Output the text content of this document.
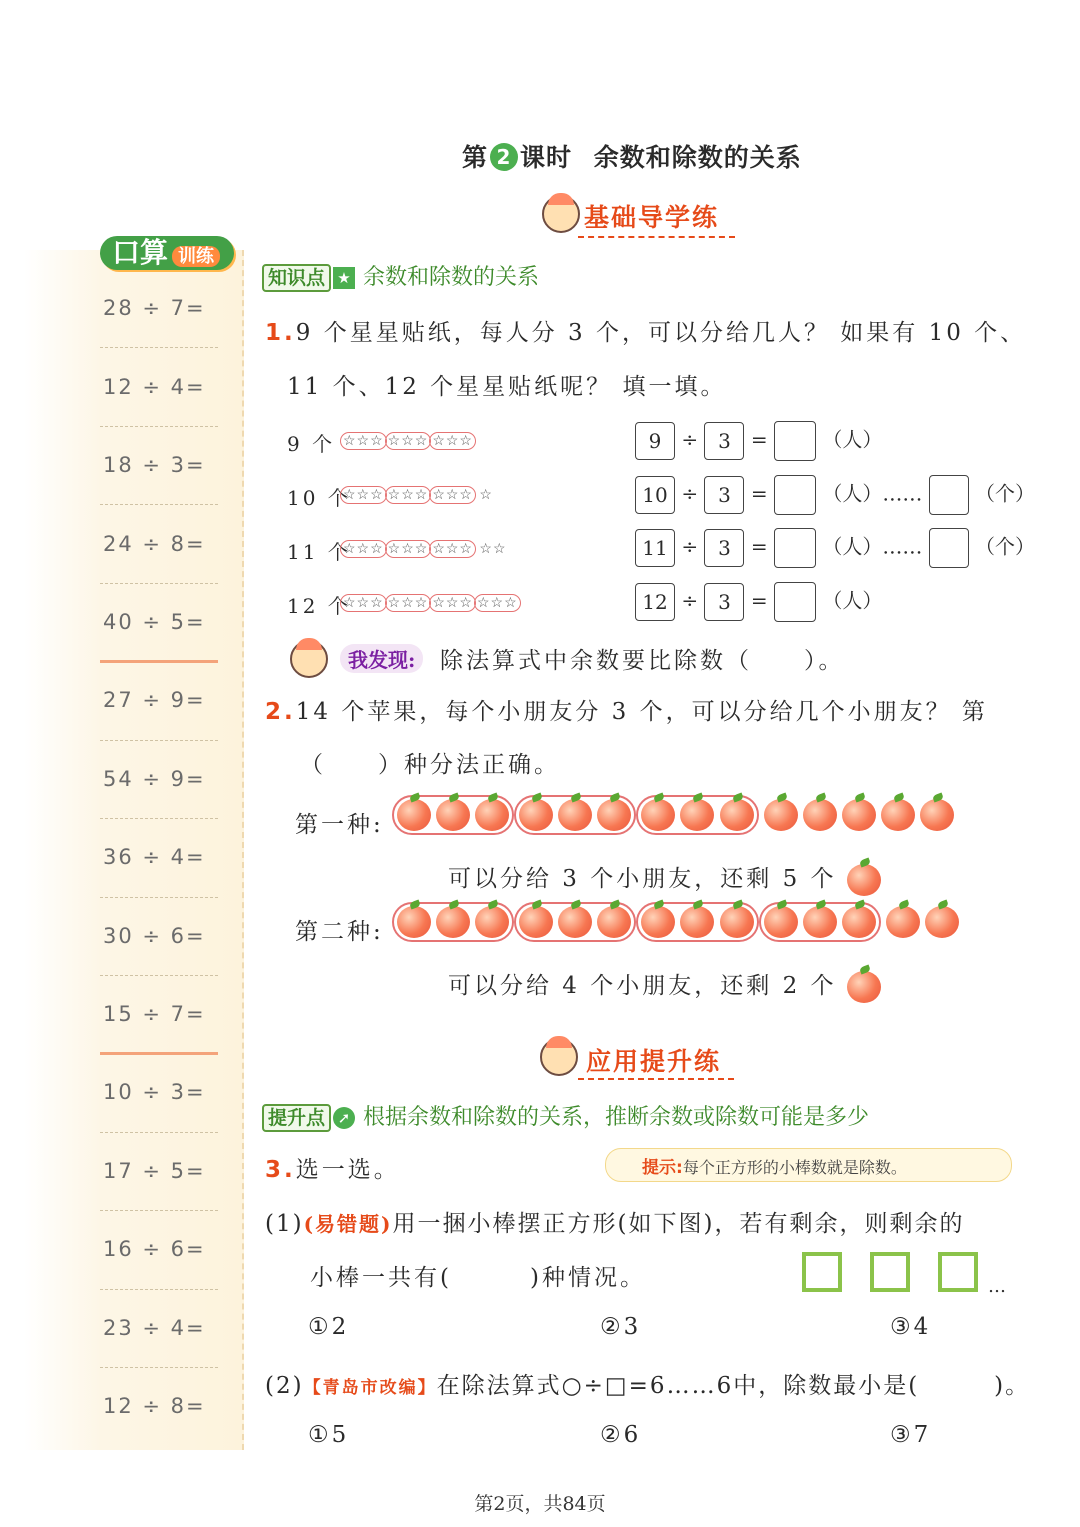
第 2 课时 余数和除数的关系
基础导学练
口算 训练
28 ÷ 7=
12 ÷ 4=
18 ÷ 3=
24 ÷ 8=
40 ÷ 5=
27 ÷ 9=
54 ÷ 9=
36 ÷ 4=
30 ÷ 6=
15 ÷ 7=
10 ÷ 3=
17 ÷ 5=
16 ÷ 6=
23 ÷ 4=
12 ÷ 8=
知识点 ★ 余数和除数的关系
1.9 个星星贴纸，每人分 3 个，可以分给几人？ 如果有 10 个、
11 个、12 个星星贴纸呢？ 填一填。
9 个 ☆☆☆ ☆☆☆ ☆☆☆
10 个
☆☆☆ ☆☆☆ ☆☆☆ ☆
11 个
☆☆☆ ☆☆☆ ☆☆☆ ☆☆
12 个
☆☆☆ ☆☆☆ ☆☆☆ ☆☆☆
9 ÷ 3 =	（人）
10 ÷ 3 =	（人）……	（个）
11 ÷ 3 =	（人）……	（个）
12 ÷ 3 =	（人）
我发现:	除法算式中余数要比除数（　　）。
2.14 个苹果，每个小朋友分 3 个，可以分给几个小朋友？ 第
（　　）种分法正确。
第一种:

可以分给 3 个小朋友，还剩 5 个
第二种:

可以分给 4 个小朋友，还剩 2 个
应用提升练
提升点 ➚ 根据余数和除数的关系，推断余数或除数可能是多少
3.选一选。	提示:每个正方形的小棒数就是除数。
(1)(易错题)用一捆小棒摆正方形(如下图)，若有剩余，则剩余的
小棒一共有(　　　)种情况。	…
①2	②3	③4
(2)【青岛市改编】在除法算式○÷□=6……6中，除数最小是(　　　)。
①5	②6	③7
第2页，共84页
